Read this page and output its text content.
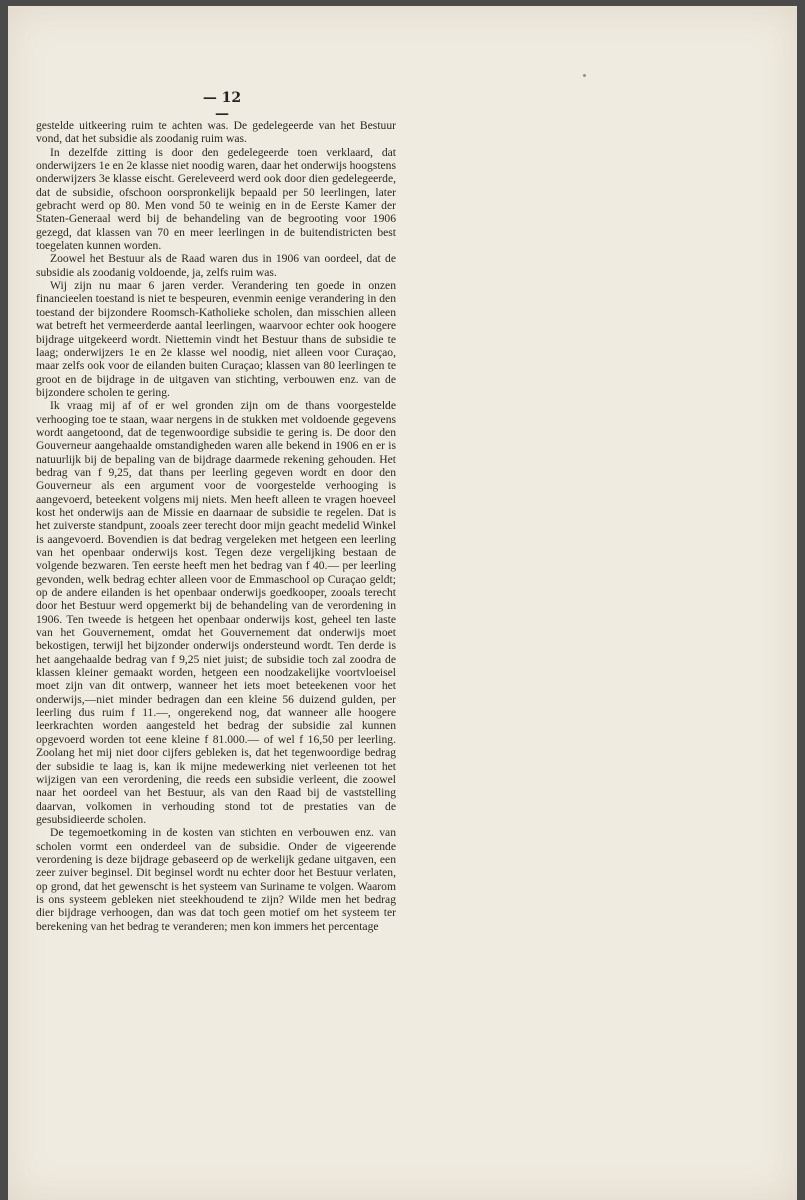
— 12 —

gestelde uitkeering ruim te achten was. De gedelegeerde van het Bestuur vond, dat het subsidie als zoodanig ruim was.

In dezelfde zitting is door den gedelegeerde toen verklaard, dat onderwijzers 1e en 2e klasse niet noodig waren, daar het onderwijs hoogstens onderwijzers 3e klasse eischt. Gereleveerd werd ook door dien gedelegeerde, dat de subsidie, ofschoon oorspronkelijk bepaald per 50 leerlingen, later gebracht werd op 80. Men vond 50 te weinig en in de Eerste Kamer der Staten-Generaal werd bij de behandeling van de begrooting voor 1906 gezegd, dat klassen van 70 en meer leerlingen in de buitendistricten best toegelaten kunnen worden.

Zoowel het Bestuur als de Raad waren dus in 1906 van oordeel, dat de subsidie als zoodanig voldoende, ja, zelfs ruim was.

Wij zijn nu maar 6 jaren verder. Verandering ten goede in onzen financieelen toestand is niet te bespeuren, evenmin eenige verandering in den toestand der bijzondere Roomsch-Katholieke scholen, dan misschien alleen wat betreft het vermeerderde aantal leerlingen, waarvoor echter ook hoogere bijdrage uitgekeerd wordt. Niettemin vindt het Bestuur thans de subsidie te laag; onderwijzers 1e en 2e klasse wel noodig, niet alleen voor Curaçao, maar zelfs ook voor de eilanden buiten Curaçao; klassen van 80 leerlingen te groot en de bijdrage in de uitgaven van stichting, verbouwen enz. van de bijzondere scholen te gering.

Ik vraag mij af of er wel gronden zijn om de thans voorgestelde verhooging toe te staan, waar nergens in de stukken met voldoende gegevens wordt aangetoond, dat de tegenwoordige subsidie te gering is. De door den Gouverneur aangehaalde omstandigheden waren alle bekend in 1906 en er is natuurlijk bij de bepaling van de bijdrage daarmede rekening gehouden. Het bedrag van f 9,25, dat thans per leerling gegeven wordt en door den Gouverneur als een argument voor de voorgestelde verhooging is aangevoerd, beteekent volgens mij niets. Men heeft alleen te vragen hoeveel kost het onderwijs aan de Missie en daarnaar de subsidie te regelen. Dat is het zuiverste standpunt, zooals zeer terecht door mijn geacht medelid Winkel is aangevoerd. Bovendien is dat bedrag vergeleken met hetgeen een leerling van het openbaar onderwijs kost. Tegen deze vergelijking bestaan de volgende bezwaren. Ten eerste heeft men het bedrag van f 40.— per leerling gevonden, welk bedrag echter alleen voor de Emmaschool op Curaçao geldt; op de andere eilanden is het openbaar onderwijs goedkooper, zooals terecht door het Bestuur werd opgemerkt bij de behandeling van de verordening in 1906. Ten tweede is hetgeen het openbaar onderwijs kost, geheel ten laste van het Gouvernement, omdat het Gouvernement dat onderwijs moet bekostigen, terwijl het bijzonder onderwijs ondersteund wordt. Ten derde is het aangehaalde bedrag van f 9,25 niet juist; de subsidie toch zal zoodra de klassen kleiner gemaakt worden, hetgeen een noodzakelijke voortvloeisel moet zijn van dit ontwerp, wanneer het iets moet beteekenen voor het onderwijs,—niet minder bedragen dan een kleine 56 duizend gulden, per leerling dus ruim f 11.—, ongerekend nog, dat wanneer alle hoogere leerkrachten worden aangesteld het bedrag der subsidie zal kunnen opgevoerd worden tot eene kleine f 81.000.— of wel f 16,50 per leerling. Zoolang het mij niet door cijfers gebleken is, dat het tegenwoordige bedrag der subsidie te laag is, kan ik mijne medewerking niet verleenen tot het wijzigen van een verordening, die reeds een subsidie verleent, die zoowel naar het oordeel van het Bestuur, als van den Raad bij de vaststelling daarvan, volkomen in verhouding stond tot de prestaties van de gesubsidieerde scholen.

De tegemoetkoming in de kosten van stichten en verbouwen enz. van scholen vormt een onderdeel van de subsidie. Onder de vigeerende verordening is deze bijdrage gebaseerd op de werkelijk gedane uitgaven, een zeer zuiver beginsel. Dit beginsel wordt nu echter door het Bestuur verlaten, op grond, dat het gewenscht is het systeem van Suriname te volgen. Waarom is ons systeem gebleken niet steekhoudend te zijn? Wilde men het bedrag dier bijdrage verhoogen, dan was dat toch geen motief om het systeem ter berekening van het bedrag te veranderen; men kon immers het percentage
